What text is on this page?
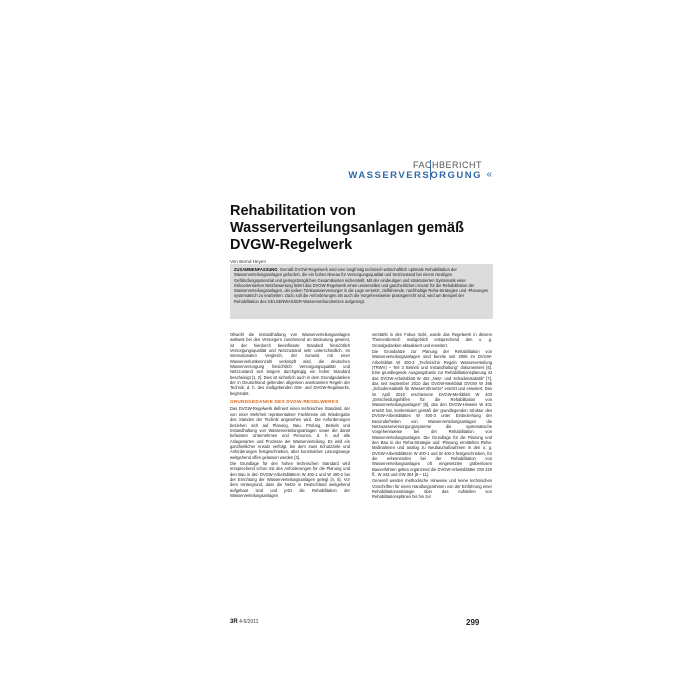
FACHBERICHT
WASSERVERSORGUNG «
Rehabilitation von Wasserverteilungsanlagen gemäß DVGW-Regelwerk
Von Bernd Heyen
ZUSAMMENFASSUNG: Gemäß DVGW-Regelwerk wird eine langfristig technisch-wirtschaftlich optimale Rehabilitation der Wasserverteilungsanlagen gefordert, die ein hohes Niveau für Versorgungsqualität und Netzzustand bei einem niedrigen Gefährdungspotenzial und geringstmöglichen Gesamtkosten sicherstellt. Mit der eindeutigen und strukturierten Systematik einer risikoorientierten Netzbewertung liefert das DVGW-Regelwerk einen universellen und ganzheitlichen Ansatz für die Rehabilitation der Wasserverteilungsanlagen, der jedem Trinkwasserversorger in die Lage versetzt, zielführende, nachhaltige Reha-Strategien und -Planungen systematisch zu erarbeiten. Dazu soll die Anforderungen als auch die Vorgehensweise praxisgerecht sind, wird am Beispiel der Rehabilitation des GELSENWASSER-Wasserverbundnetzes aufgezeigt.

Obwohl die Instandhaltung von Wasserverteilungsanlagen weltweit bei den Versorgern zunehmend an Bedeutung gewinnt, ist der hierdurch beeinflusste Standard hinsichtlich Versorgungsqualität und Netzzustand sehr unterschiedlich. Im internationalen Vergleich, der zumeist mit einer Wasserverlustkennzahl verknüpft wird, die deutschen Wasserversorgung hinsichtlich Versorgungsqualität und Netzzustand seit langem durchgängig ein hoher Standard bescheinigt [1, 2]. Dies ist sicherlich auch in dem Grundgedanken der in Deutschland geltenden allgemein anerkannten Regeln der Technik, d. h. des maßgebenden DIN- und DVGW-Regelwerks, begründet.

GRUNDGEDANKE DES DVGW-REGELWERKS

Das DVGW-Regelwerk definiert einen technischen Standard, der von einer Mehrheit repräsentativer Fachkreise als Wiedergabe des Standes der Technik angesehen wird. Die Anforderungen beziehen sich auf Planung, Bau, Prüfung, Betrieb und Instandhaltung von Wasserverteilungsanlagen sowie die damit befassten Unternehmen und Personen, d. h. auf alle Anlagenarten und Prozesse der Wasserverteilung. Es wird ein ganzheitlicher Ansatz verfolgt, bei dem zwar Schutzziele und Anforderungen festgeschrieben, aber konstruktive Lösungswege weitgehend offen gelassen werden [3].

Die Grundlage für den hohen technischen Standard wird entsprechend schon mit den Anforderungen für die Planung und den Bau in den DVGW-Arbeitsblättern W 400-1 und W 400-2 bei der Errichtung der Wasserverteilungsanlagen gelegt [4, 5]. Vor dem Hintergrund, dass die Netze in Deutschland weitgehend aufgebaut sind und jetzt die Rehabilitation der Wasserverteilungsanlagen

verstärkt in den Fokus rückt, wurde das Regelwerk in diesem Themenbereich maßgeblich entsprechend den o. g. Grundgedanken aktualisiert und erweitert.

Die Grundsätze zur Planung der Rehabilitation von Wasserverteilungsanlagen sind bereits seit 2006 im DVGW-Arbeitsblatt W 400-3 „Technische Regeln Wasserverteilung (TRWV) – Teil 3 Betrieb und Instandhaltung“ dokumentiert [6]. Eine grundlegende Ausgangsbasis zur Rehabilitationsplanung ist das DVGW-Arbeitsblatt W 402 „Netz- und Schadenstatistik“ [7], das seit September 2010 das DVGW-Merkblatt DVGW W 395 „Schadenstatistik für Wasserrohrnetze“ ersetzt und erweitert. Das im April 2010 erschienene DVGW-Merkblatt W 403 „Entscheidungshilfen für die Rehabilitation von Wasserverteilungsanlagen“ [8], das den DVGW-Hinweis W 401 ersetzt hat, konkretisiert gemäß der grundlegenden Struktur des DVGW-Arbeitsblattes W 400-3 unter Einbeziehung der Besonderheiten von Wasserverteilungsanlagen die Netzwasserversorgungssysteme die systematische Vorgehensweise bei der Rehabilitation von Wasserverteilungsanlagen. Die Grundlage für die Planung und den Bau in der Reha-Strategie und -Planung ermittelten Reha-Maßnahmen und analog zu Neubaumaßnahmen in den o. g. DVGW-Arbeitsblättern W 400-1 und W 400-2 festgeschrieben, für die erkennenden bei der Rehabilitation von Wasserverteilungsanlagen oft eingesetzten grabenlosen Bauverfahren gelten ergänzend die DVGW-Arbeitsblätter GW 320 ff., W 343 und GW 304 [9 – 11].

Generell werden methodische Hinweise und keine technischen Vorschriften für einen Handlungsrahmen von der Einführung einer Rehabilitationsstrategie über das Aufstellen von Rehabilitationsplänen bis hin zur

3R 4-5/2011	299
